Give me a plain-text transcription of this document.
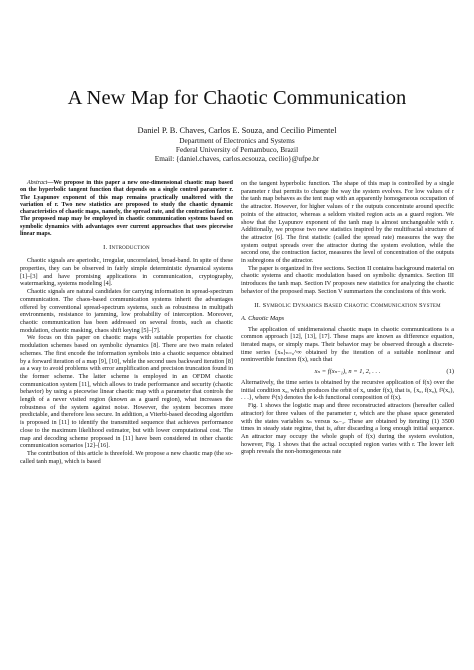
A New Map for Chaotic Communication
Daniel P. B. Chaves, Carlos E. Souza, and Cecilio Pimentel
Department of Electronics and Systems
Federal University of Pernambuco, Brazil
Email: {daniel.chaves, carlos.ecsouza, cecilio}@ufpe.br

Abstract—We propose in this paper a new one-dimensional chaotic map based on the hyperbolic tangent function that depends on a single control parameter r. The Lyapunov exponent of this map remains practically unaltered with the variation of r. Two new statistics are proposed to study the chaotic dynamic characteristics of chaotic maps, namely, the spread rate, and the contraction factor. The proposed map may be employed in chaotic communication systems based on symbolic dynamics with advantages over current approaches that uses piecewise linear maps.

I. Introduction

Chaotic signals are aperiodic, irregular, uncorrelated, broad-band. In spite of these properties, they can be observed in fairly simple deterministic dynamical systems [1]–[3] and have promising applications in communication, cryptography, watermarking, systems modeling [4].

Chaotic signals are natural candidates for carrying information in spread-spectrum communication. The chaos-based communication systems inherit the advantages offered by conventional spread-spectrum systems, such as robustness in multipath environments, resistance to jamming, low probability of interception. Moreover, chaotic communication has been addressed on several fronts, such as chaotic modulation, chaotic masking, chaos shift keying [5]–[7].

We focus on this paper on chaotic maps with suitable properties for chaotic modulation schemes based on symbolic dynamics [8]. There are two main related schemes. The first encode the information symbols into a chaotic sequence obtained by a forward iteration of a map [9], [10], while the second uses backward iteration [8] as a way to avoid problems with error amplification and precision truncation found in the former scheme. The latter scheme is employed in an OFDM chaotic communication system [11], which allows to trade performance and security (chaotic behavior) by using a piecewise linear chaotic map with a parameter that controls the length of a never visited region (known as a guard region), what increases the robustness of the system against noise. However, the system becomes more predictable, and therefore less secure. In addition, a Viterbi-based decoding algorithm is proposed in [11] to identify the transmitted sequence that achieves performance close to the maximum likelihood estimator, but with lower computational cost. The map and decoding scheme proposed in [11] have been considered in other chaotic communication scenarios [12]–[16].

The contribution of this article is threefold. We propose a new chaotic map (the so-called tanh map), which is based

on the tangent hyperbolic function. The shape of this map is controlled by a single parameter r that permits to change the way the system evolves. For low values of r the tanh map behaves as the tent map with an apparently homogeneous occupation of the attractor. However, for higher values of r the outputs concentrate around specific points of the attractor, whereas a seldom visited region acts as a guard region. We show that the Lyapunov exponent of the tanh map is almost unchangeable with r. Additionally, we propose two new statistics inspired by the multifractal structure of the attractor [6]. The first statistic (called the spread rate) measures the way the system output spreads over the attractor during the system evolution, while the second one, the contraction factor, measures the level of concentration of the outputs in subregions of the attractor.

The paper is organized in five sections. Section II contains background material on chaotic systems and chaotic modulation based on symbolic dynamics. Section III introduces the tanh map. Section IV proposes new statistics for analyzing the chaotic behavior of the proposed map. Section V summarizes the conclusions of this work.

II. Symbolic Dynamics Based Chaotic Communication System
A. Chaotic Maps

The application of unidimensional chaotic maps in chaotic communications is a common approach [12], [13], [17]. These maps are known as difference equation, iterated maps, or simply maps. Their behavior may be observed through a discrete-time series {xₙ}ₙ₌₀^∞ obtained by the iteration of a suitable nonlinear and noninvertible function f(x), such that

xₙ = f(xₙ₋₁), n = 1, 2, . . .	(1)

Alternatively, the time series is obtained by the recursive application of f(x) over the initial condition x₀, which produces the orbit of x₀ under f(x), that is, {x₀, f(x₀), f²(x₀), . . .}, where fᵏ(x) denotes the k-th functional composition of f(x).

Fig. 1 shows the logistic map and three reconstructed attractors (hereafter called attractor) for three values of the parameter r, which are the phase space generated with the states variables xₙ versus xₙ₋₁. These are obtained by iterating (1) 3500 times in steady state regime, that is, after discarding a long enough initial sequence. An attractor may occupy the whole graph of f(x) during the system evolution, however, Fig. 1 shows that the actual occupied region varies with r. The lower left graph reveals the non-homogeneous rate
